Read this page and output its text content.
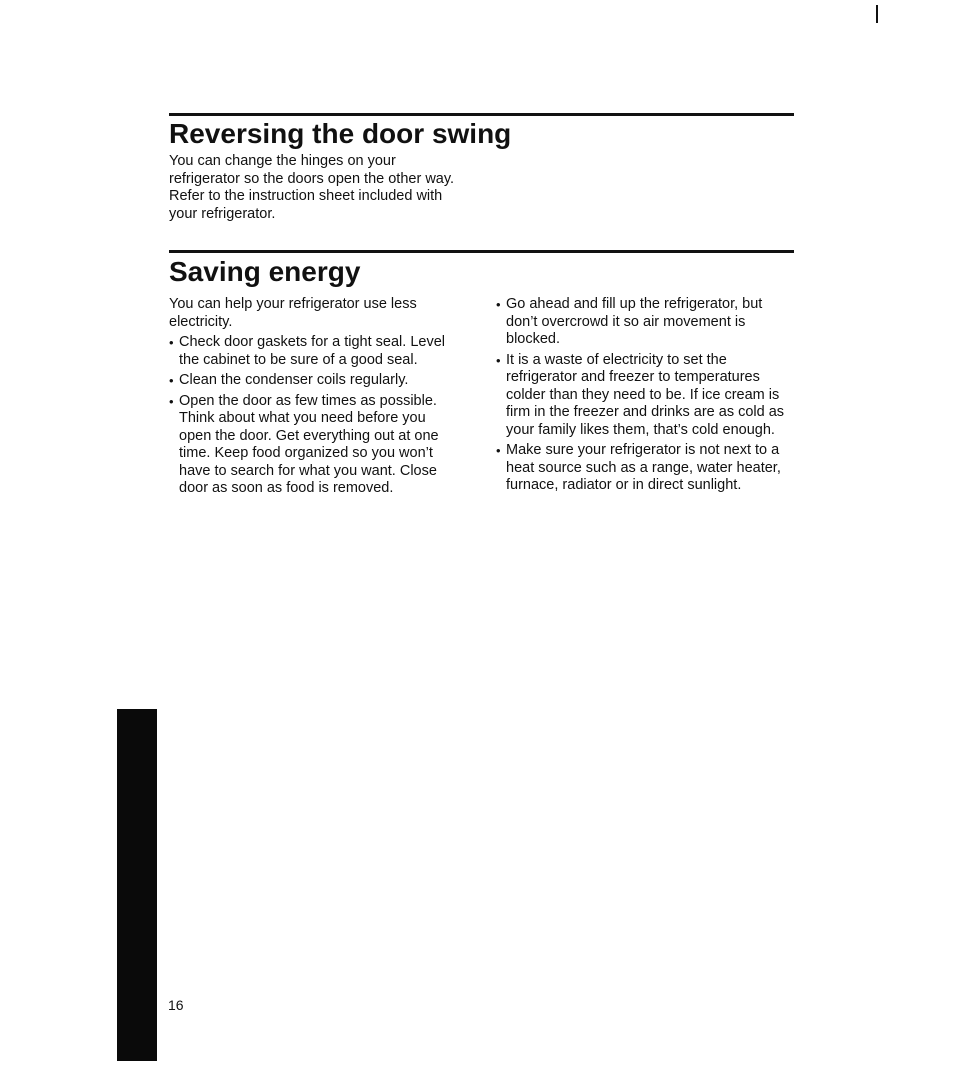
Reversing the door swing

You can change the hinges on your refrigerator so the doors open the other way. Refer to the instruction sheet included with your refrigerator.

Saving energy

You can help your refrigerator use less electricity.

• Check door gaskets for a tight seal. Level the cabinet to be sure of a good seal.
• Clean the condenser coils regularly.
• Open the door as few times as possible. Think about what you need before you open the door. Get everything out at one time. Keep food organized so you won’t have to search for what you want. Close door as soon as food is removed.
• Go ahead and fill up the refrigerator, but don’t overcrowd it so air movement is blocked.
• It is a waste of electricity to set the refrigerator and freezer to temperatures colder than they need to be. If ice cream is firm in the freezer and drinks are as cold as your family likes them, that’s cold enough.
• Make sure your refrigerator is not next to a heat source such as a range, water heater, furnace, radiator or in direct sunlight.
16
